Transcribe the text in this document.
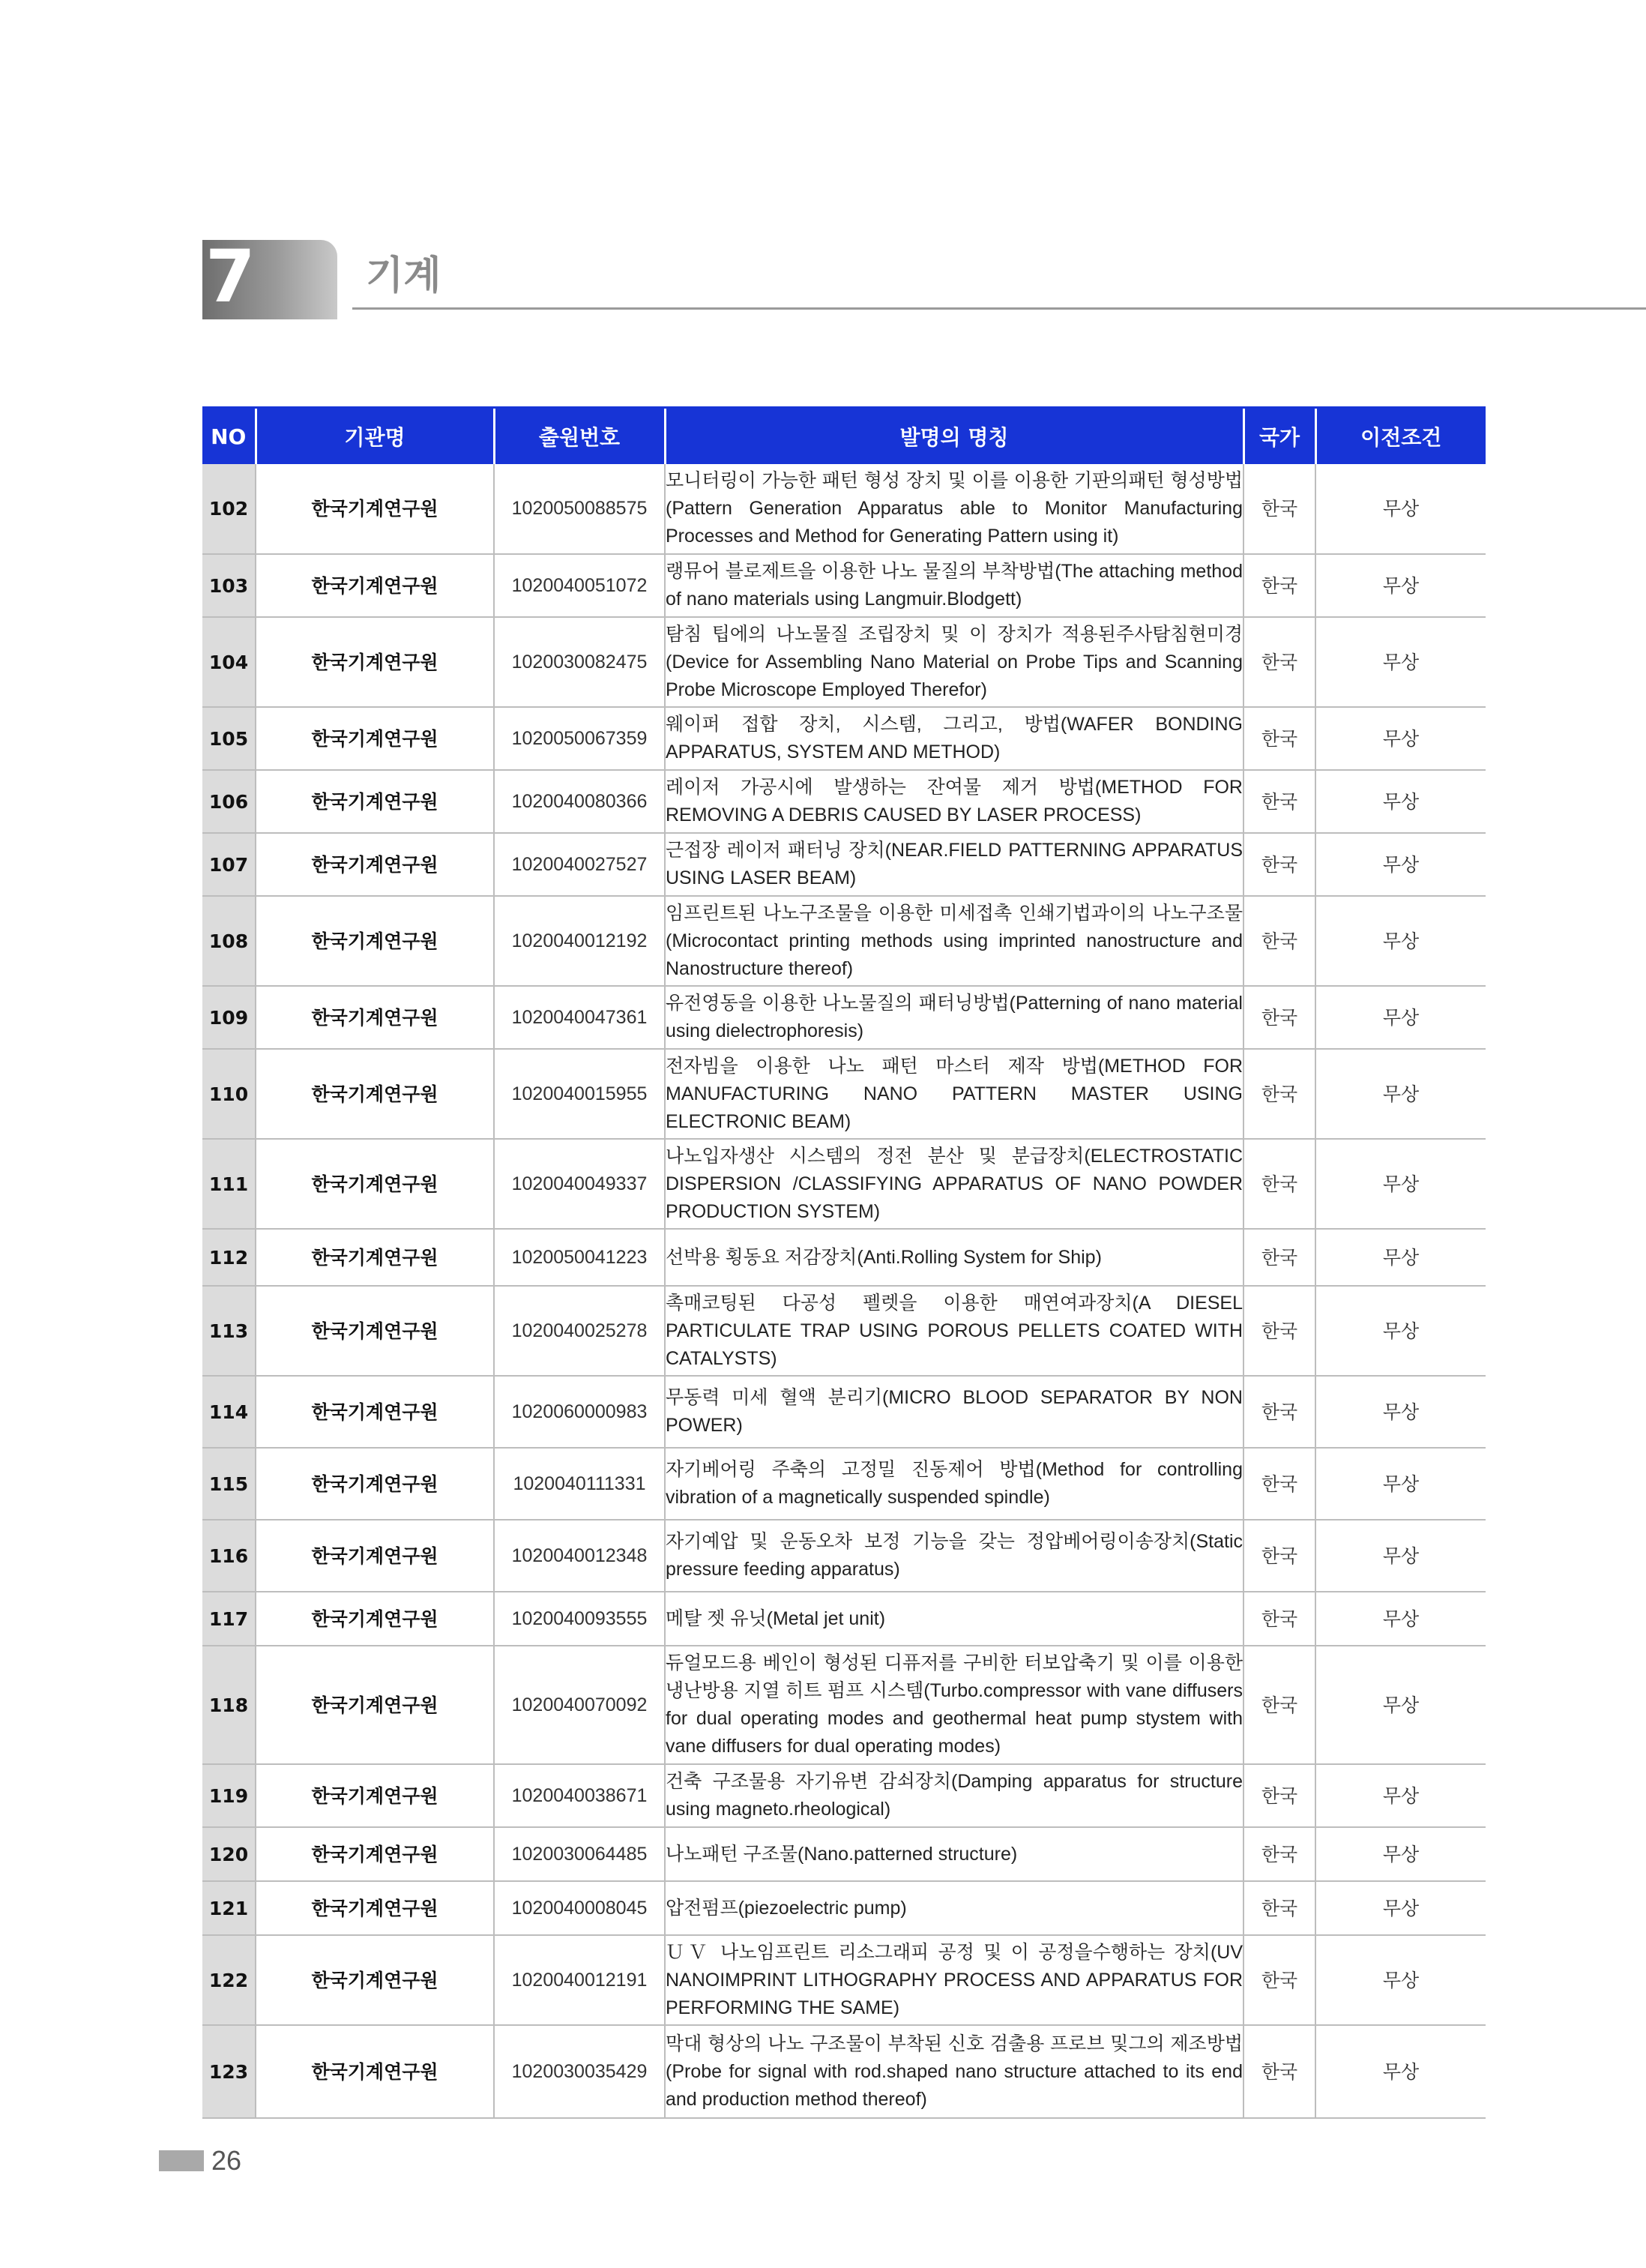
7	기계
NO	기관명	출원번호	발명의 명칭	국가	이전조건
102	한국기계연구원	1020050088575	모니터링이 가능한 패턴 형성 장치 및 이를 이용한 기판의패턴 형성방법(Pattern Generation Apparatus able to Monitor Manufacturing Processes and Method for Generating Pattern using it)	한국	무상
103	한국기계연구원	1020040051072	랭뮤어 블로제트을 이용한 나노 물질의 부착방법(The attaching method of nano materials using Langmuir.Blodgett)	한국	무상
104	한국기계연구원	1020030082475	탐침 팁에의 나노물질 조립장치 및 이 장치가 적용된주사탐침현미경(Device for Assembling Nano Material on Probe Tips and Scanning Probe Microscope Employed Therefor)	한국	무상
105	한국기계연구원	1020050067359	웨이퍼 접합 장치, 시스템, 그리고, 방법(WAFER BONDING APPARATUS, SYSTEM AND METHOD)	한국	무상
106	한국기계연구원	1020040080366	레이저 가공시에 발생하는 잔여물 제거 방법(METHOD FOR REMOVING A DEBRIS CAUSED BY LASER PROCESS)	한국	무상
107	한국기계연구원	1020040027527	근접장 레이저 패터닝 장치(NEAR.FIELD PATTERNING APPARATUS USING LASER BEAM)	한국	무상
108	한국기계연구원	1020040012192	임프린트된 나노구조물을 이용한 미세접촉 인쇄기법과이의 나노구조물(Microcontact printing methods using imprinted nanostructure and Nanostructure thereof)	한국	무상
109	한국기계연구원	1020040047361	유전영동을 이용한 나노물질의 패터닝방법(Patterning of nano material using dielectrophoresis)	한국	무상
110	한국기계연구원	1020040015955	전자빔을 이용한 나노 패턴 마스터 제작 방법(METHOD FOR MANUFACTURING NANO PATTERN MASTER USING ELECTRONIC BEAM)	한국	무상
111	한국기계연구원	1020040049337	나노입자생산 시스템의 정전 분산 및 분급장치(ELECTROSTATIC DISPERSION /CLASSIFYING APPARATUS OF NANO POWDER PRODUCTION SYSTEM)	한국	무상
112	한국기계연구원	1020050041223	선박용 횡동요 저감장치(Anti.Rolling System for Ship)	한국	무상
113	한국기계연구원	1020040025278	촉매코팅된 다공성 펠렛을 이용한 매연여과장치(A DIESEL PARTICULATE TRAP USING POROUS PELLETS COATED WITH CATALYSTS)	한국	무상
114	한국기계연구원	1020060000983	무동력 미세 혈액 분리기(MICRO BLOOD SEPARATOR BY NON POWER)	한국	무상
115	한국기계연구원	1020040111331	자기베어링 주축의 고정밀 진동제어 방법(Method for controlling vibration of a magnetically suspended spindle)	한국	무상
116	한국기계연구원	1020040012348	자기예압 및 운동오차 보정 기능을 갖는 정압베어링이송장치(Static pressure feeding apparatus)	한국	무상
117	한국기계연구원	1020040093555	메탈 젯 유닛(Metal jet unit)	한국	무상
118	한국기계연구원	1020040070092	듀얼모드용 베인이 형성된 디퓨저를 구비한 터보압축기 및 이를 이용한 냉난방용 지열 히트 펌프 시스템(Turbo.compressor with vane diffusers for dual operating modes and geothermal heat pump stystem with vane diffusers for dual operating modes)	한국	무상
119	한국기계연구원	1020040038671	건축 구조물용 자기유변 감쇠장치(Damping apparatus for structure using magneto.rheological)	한국	무상
120	한국기계연구원	1020030064485	나노패턴 구조물(Nano.patterned structure)	한국	무상
121	한국기계연구원	1020040008045	압전펌프(piezoelectric pump)	한국	무상
122	한국기계연구원	1020040012191	ＵＶ 나노임프린트 리소그래피 공정 및 이 공정을수행하는 장치(UV NANOIMPRINT LITHOGRAPHY PROCESS AND APPARATUS FOR PERFORMING THE SAME)	한국	무상
123	한국기계연구원	1020030035429	막대 형상의 나노 구조물이 부착된 신호 검출용 프로브 및그의 제조방법(Probe for signal with rod.shaped nano structure attached to its end and production method thereof)	한국	무상
26
